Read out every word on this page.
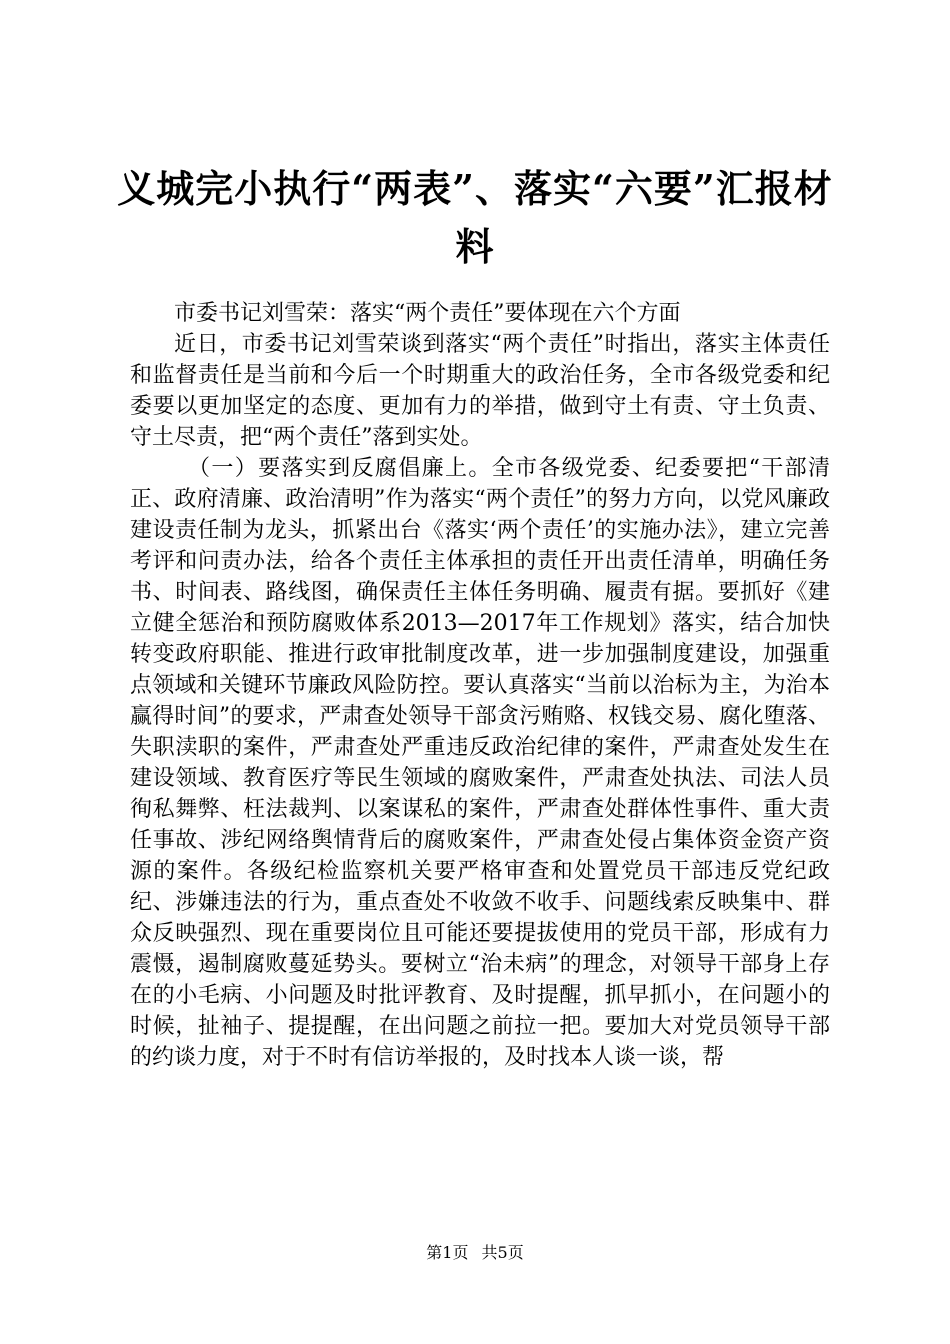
义城完小执行“两表”、落实“六要”汇报材料

市委书记刘雪荣：落实“两个责任”要体现在六个方面

近日，市委书记刘雪荣谈到落实“两个责任”时指出，落实主体责任和监督责任是当前和今后一个时期重大的政治任务，全市各级党委和纪委要以更加坚定的态度、更加有力的举措，做到守土有责、守土负责、守土尽责，把“两个责任”落到实处。

（一）要落实到反腐倡廉上。全市各级党委、纪委要把“干部清正、政府清廉、政治清明”作为落实“两个责任”的努力方向，以党风廉政建设责任制为龙头，抓紧出台《落实‘两个责任’的实施办法》，建立完善考评和问责办法，给各个责任主体承担的责任开出责任清单，明确任务书、时间表、路线图，确保责任主体任务明确、履责有据。要抓好《建立健全惩治和预防腐败体系2013—2017年工作规划》落实，结合加快转变政府职能、推进行政审批制度改革，进一步加强制度建设，加强重点领域和关键环节廉政风险防控。要认真落实“当前以治标为主，为治本赢得时间”的要求，严肃查处领导干部贪污贿赂、权钱交易、腐化堕落、失职渎职的案件，严肃查处严重违反政治纪律的案件，严肃查处发生在建设领域、教育医疗等民生领域的腐败案件，严肃查处执法、司法人员徇私舞弊、枉法裁判、以案谋私的案件，严肃查处群体性事件、重大责任事故、涉纪网络舆情背后的腐败案件，严肃查处侵占集体资金资产资源的案件。各级纪检监察机关要严格审查和处置党员干部违反党纪政纪、涉嫌违法的行为，重点查处不收敛不收手、问题线索反映集中、群众反映强烈、现在重要岗位且可能还要提拔使用的党员干部，形成有力震慑，遏制腐败蔓延势头。要树立“治未病”的理念，对领导干部身上存在的小毛病、小问题及时批评教育、及时提醒，抓早抓小，在问题小的时候，扯袖子、提提醒，在出问题之前拉一把。要加大对党员领导干部的约谈力度，对于不时有信访举报的，及时找本人谈一谈，帮

第1页 共5页
